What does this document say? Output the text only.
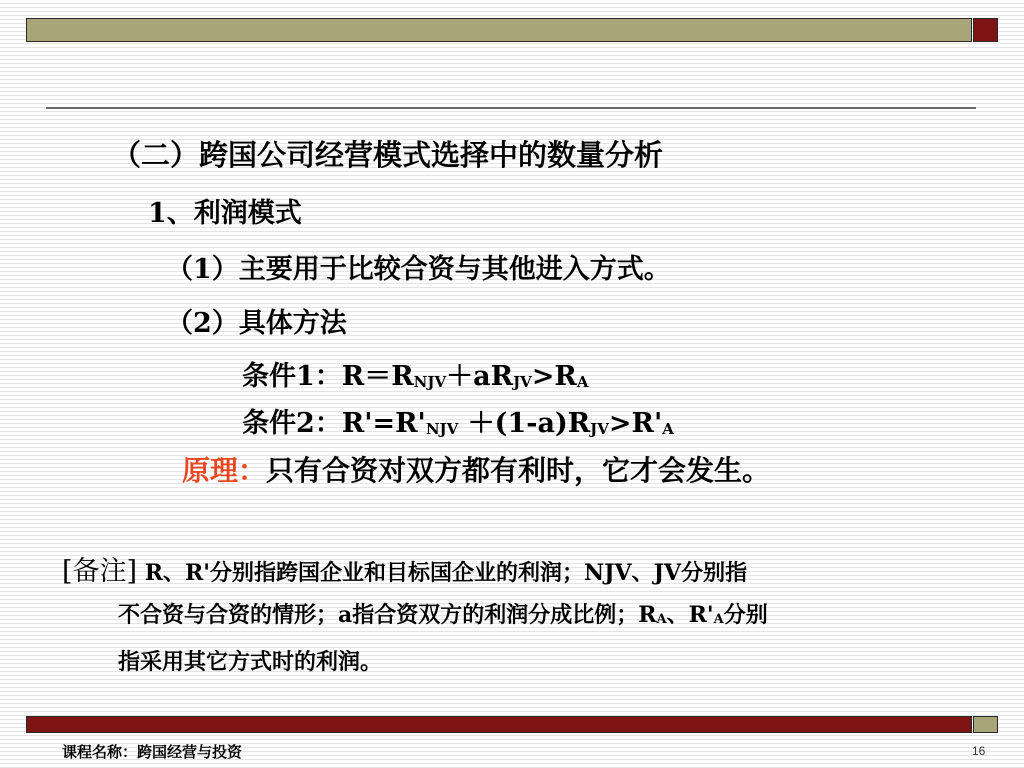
（二）跨国公司经营模式选择中的数量分析
1、利润模式
（1）主要用于比较合资与其他进入方式。
（2）具体方法
条件1：$R=R_{NJV}+aR_{JV}>R_A$
条件2：$R'=R'_{NJV} +(1-a)R_{JV}>R'_A$
原理：只有合资对双方都有利时，它才会发生。
[备注] R、R'分别指跨国企业和目标国企业的利润；NJV、JV分别指
不合资与合资的情形；a指合资双方的利润分成比例；$R_A$、$R'_A$分别
指采用其它方式时的利润。
课程名称：跨国经营与投资	16
